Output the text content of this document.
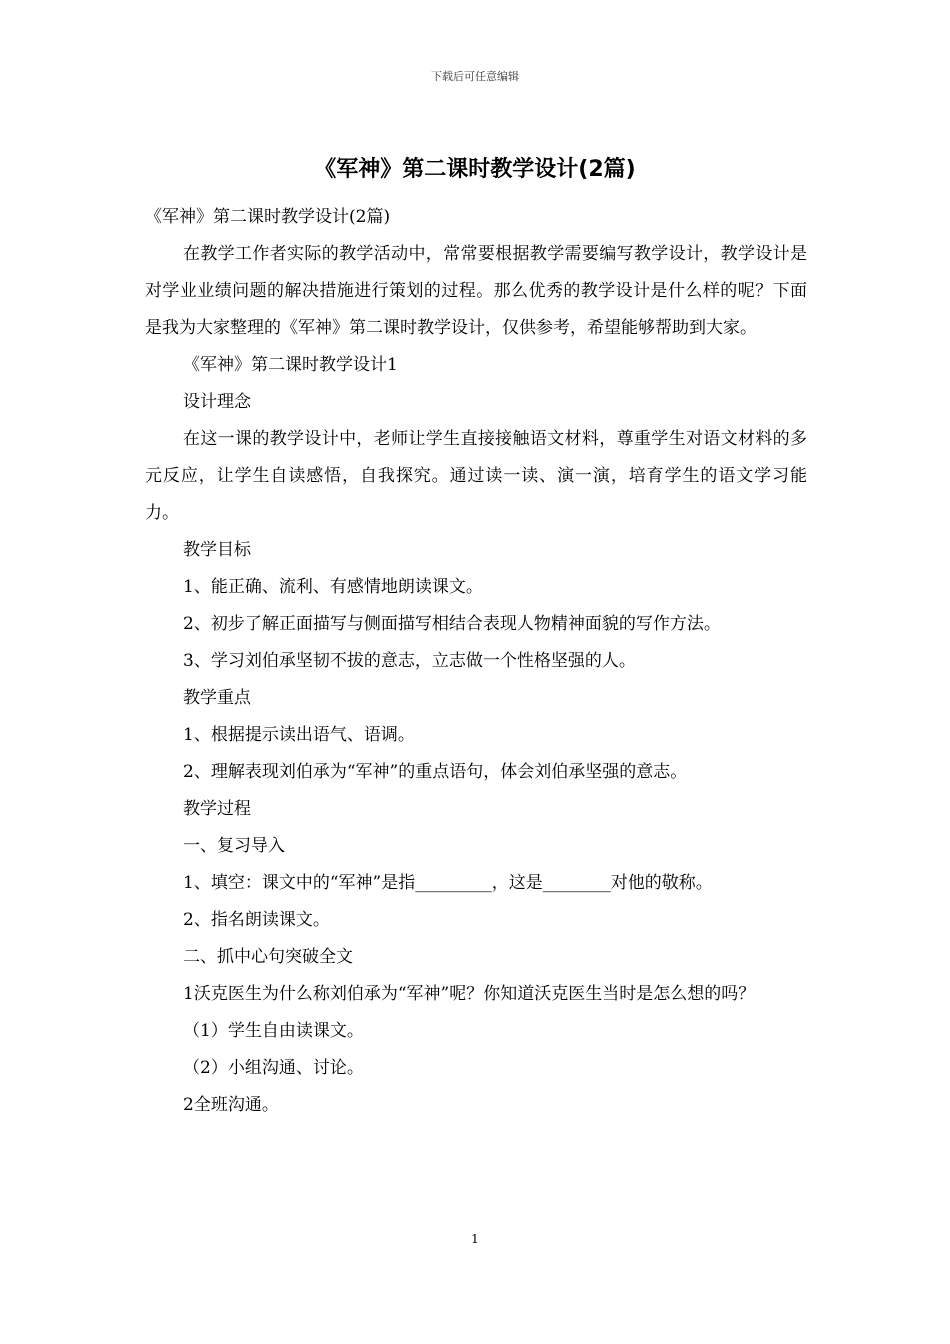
下载后可任意编辑
《军神》第二课时教学设计(2篇)

《军神》第二课时教学设计(2篇)

在教学工作者实际的教学活动中，常常要根据教学需要编写教学设计，教学设计是对学业业绩问题的解决措施进行策划的过程。那么优秀的教学设计是什么样的呢？下面是我为大家整理的《军神》第二课时教学设计，仅供参考，希望能够帮助到大家。

《军神》第二课时教学设计1

设计理念

在这一课的教学设计中，老师让学生直接接触语文材料，尊重学生对语文材料的多元反应，让学生自读感悟，自我探究。通过读一读、演一演，培育学生的语文学习能力。

教学目标

1、能正确、流利、有感情地朗读课文。

2、初步了解正面描写与侧面描写相结合表现人物精神面貌的写作方法。

3、学习刘伯承坚韧不拔的意志，立志做一个性格坚强的人。

教学重点

1、根据提示读出语气、语调。

2、理解表现刘伯承为“军神”的重点语句，体会刘伯承坚强的意志。

教学过程

一、复习导入

1、填空：课文中的“军神”是指_________，这是________对他的敬称。

2、指名朗读课文。

二、抓中心句突破全文

1沃克医生为什么称刘伯承为“军神”呢？你知道沃克医生当时是怎么想的吗？

（1）学生自由读课文。

（2）小组沟通、讨论。

2全班沟通。

1
